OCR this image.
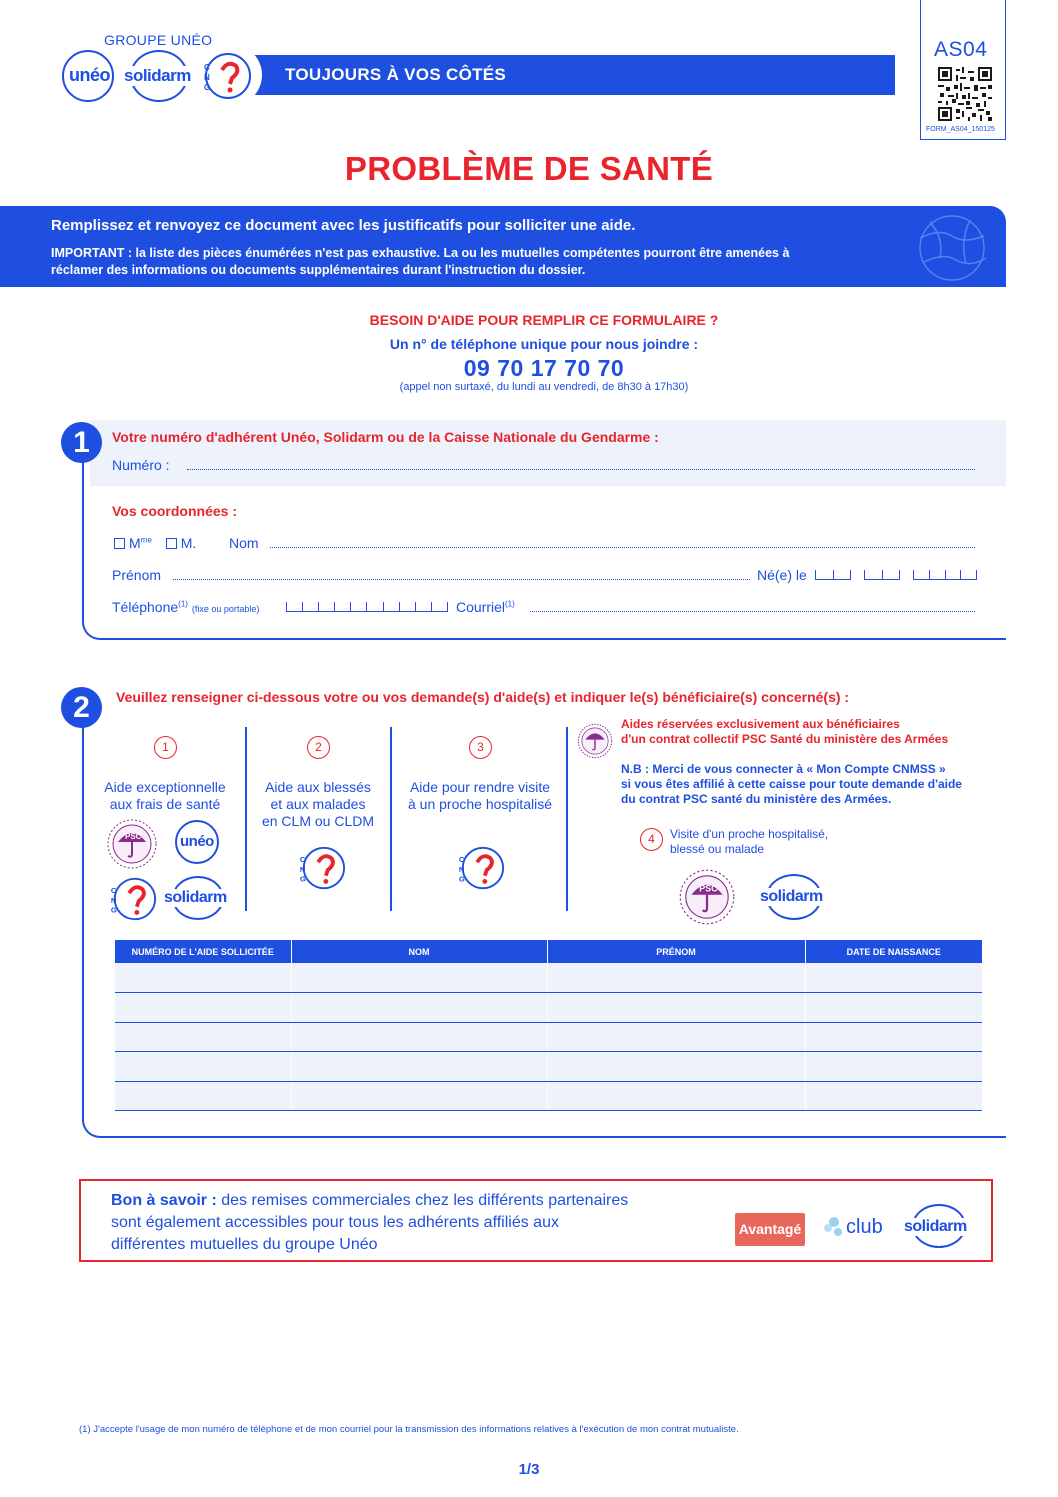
GROUPE UNÉO
TOUJOURS À VOS CÔTÉS
unéo solidarm C
N
G
AS04
FORM_AS04_150125
PROBLÈME DE SANTÉ
Remplissez et renvoyez ce document avec les justificatifs pour solliciter une aide.
IMPORTANT : la liste des pièces énumérées n'est pas exhaustive. La ou les mutuelles compétentes pourront être amenées à réclamer des informations ou documents supplémentaires durant l'instruction du dossier.
BESOIN D'AIDE POUR REMPLIR CE FORMULAIRE ?
Un n° de téléphone unique pour nous joindre :
09 70 17 70 70
(appel non surtaxé, du lundi au vendredi, de 8h30 à 17h30)
1	Votre numéro d'adhérent Unéo, Solidarm ou de la Caisse Nationale du Gendarme :
Numéro :
Vos coordonnées :
$M^{me}$ M. Nom
Prénom	Né(e) le
Téléphone$^{(1)}$ (fixe ou portable)	Courriel$^{(1)}$
2	Veuillez renseigner ci-dessous votre ou vos demande(s) d'aide(s) et indiquer le(s) bénéficiaire(s) concerné(s) :
1
Aide exceptionnelle
aux frais de santé
PSC	unéo
C
N
G
solidarm
2
Aide aux blessés
et aux malades
en CLM ou CLDM
C
N
G
3
Aide pour rendre visite
à un proche hospitalisé
C
N
G
Aides réservées exclusivement aux bénéficiaires
d'un contrat collectif PSC Santé du ministère des Armées
N.B : Merci de vous connecter à « Mon Compte CNMSS »
si vous êtes affilié à cette caisse pour toute demande d'aide
du contrat PSC santé du ministère des Armées.
4	Visite d'un proche hospitalisé,
blessé ou malade
PSC	solidarm
NUMÉRO DE L'AIDE SOLLICITÉE	NOM	PRÉNOM	DATE DE NAISSANCE

Bon à savoir : des remises commerciales chez les différents partenaires
sont également accessibles pour tous les adhérents affiliés aux
différentes mutuelles du groupe Unéo
Avantagé club solidarm
(1) J'accepte l'usage de mon numéro de téléphone et de mon courriel pour la transmission des informations relatives à l'exécution de mon contrat mutualiste.
1/3
